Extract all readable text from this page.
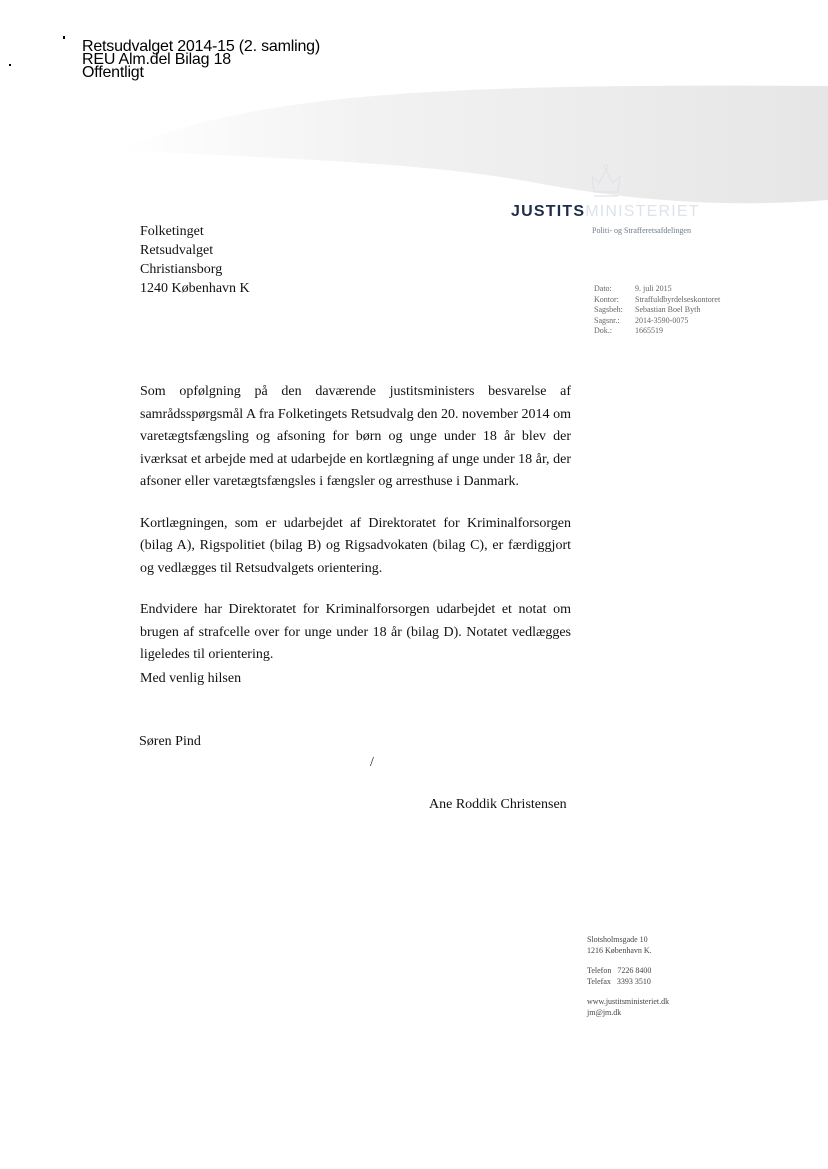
Retsudvalget 2014-15 (2. samling)
REU Alm.del Bilag 18
Offentligt
JUSTITSMINISTERIET
Politi- og Strafferetsafdelingen
Folketinget
Retsudvalget
Christiansborg
1240 København K	Dato:	9. juli 2015
Kontor:	Straffuldbyrdelseskontoret
Sagsbeh:	Sebastian Boel Byth
Sagsnr.:	2014-3590-0075
Dok.:	1665519

Som opfølgning på den daværende justitsministers besvarelse af samrådsspørgsmål A fra Folketingets Retsudvalg den 20. november 2014 om varetægtsfængsling og afsoning for børn og unge under 18 år blev der iværksat et arbejde med at udarbejde en kortlægning af unge under 18 år, der afsoner eller varetægtsfængsles i fængsler og arresthuse i Danmark.

Kortlægningen, som er udarbejdet af Direktoratet for Kriminalforsorgen (bilag A), Rigspolitiet (bilag B) og Rigsadvokaten (bilag C), er færdiggjort og vedlægges til Retsudvalgets orientering.

Endvidere har Direktoratet for Kriminalforsorgen udarbejdet et notat om brugen af strafcelle over for unge under 18 år (bilag D). Notatet vedlægges ligeledes til orientering.

Med venlig hilsen
Søren Pind
/
Ane Roddik Christensen
Slotsholmsgade 10
1216 København K.
Telefon   7226 8400
Telefax   3393 3510
www.justitsministeriet.dk
jm@jm.dk
